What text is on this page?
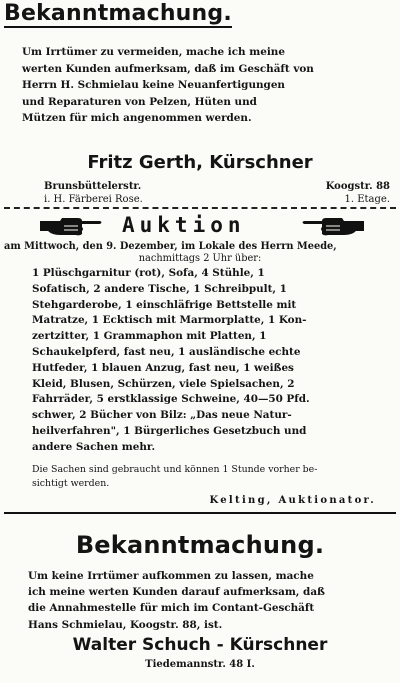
Bekanntmachung.
Um Irrtümer zu vermeiden, mache ich meine
werten Kunden aufmerksam, daß im Geschäft von
Herrn H. Schmielau keine Neuanfertigungen
und Reparaturen von Pelzen, Hüten und
Mützen für mich angenommen werden.
Fritz Gerth, Kürschner
Brunsbüttelerstr.
i. H. Färberei Rose.
Koogstr. 88
1. Etage.
Auktion
am Mittwoch, den 9. Dezember, im Lokale des Herrn Meede,
nachmittags 2 Uhr über:
1 Plüschgarnitur (rot), Sofa, 4 Stühle, 1
Sofatisch, 2 andere Tische, 1 Schreibpult, 1
Stehgarderobe, 1 einschläfrige Bettstelle mit
Matratze, 1 Ecktisch mit Marmorplatte, 1 Kon-
zertzitter, 1 Grammaphon mit Platten, 1
Schaukelpferd, fast neu, 1 ausländische echte
Hutfeder, 1 blauen Anzug, fast neu, 1 weißes
Kleid, Blusen, Schürzen, viele Spielsachen, 2
Fahrräder, 5 erstklassige Schweine, 40—50 Pfd.
schwer, 2 Bücher von Bilz: „Das neue Natur-
heilverfahren", 1 Bürgerliches Gesetzbuch und
andere Sachen mehr.
Die Sachen sind gebraucht und können 1 Stunde vorher be-
sichtigt werden.
Kelting, Auktionator.
Bekanntmachung.
Um keine Irrtümer aufkommen zu lassen, mache
ich meine werten Kunden darauf aufmerksam, daß
die Annahmestelle für mich im Contant-Geschäft
Hans Schmielau, Koogstr. 88, ist.
Walter Schuch - Kürschner
Tiedemannstr. 48 I.
